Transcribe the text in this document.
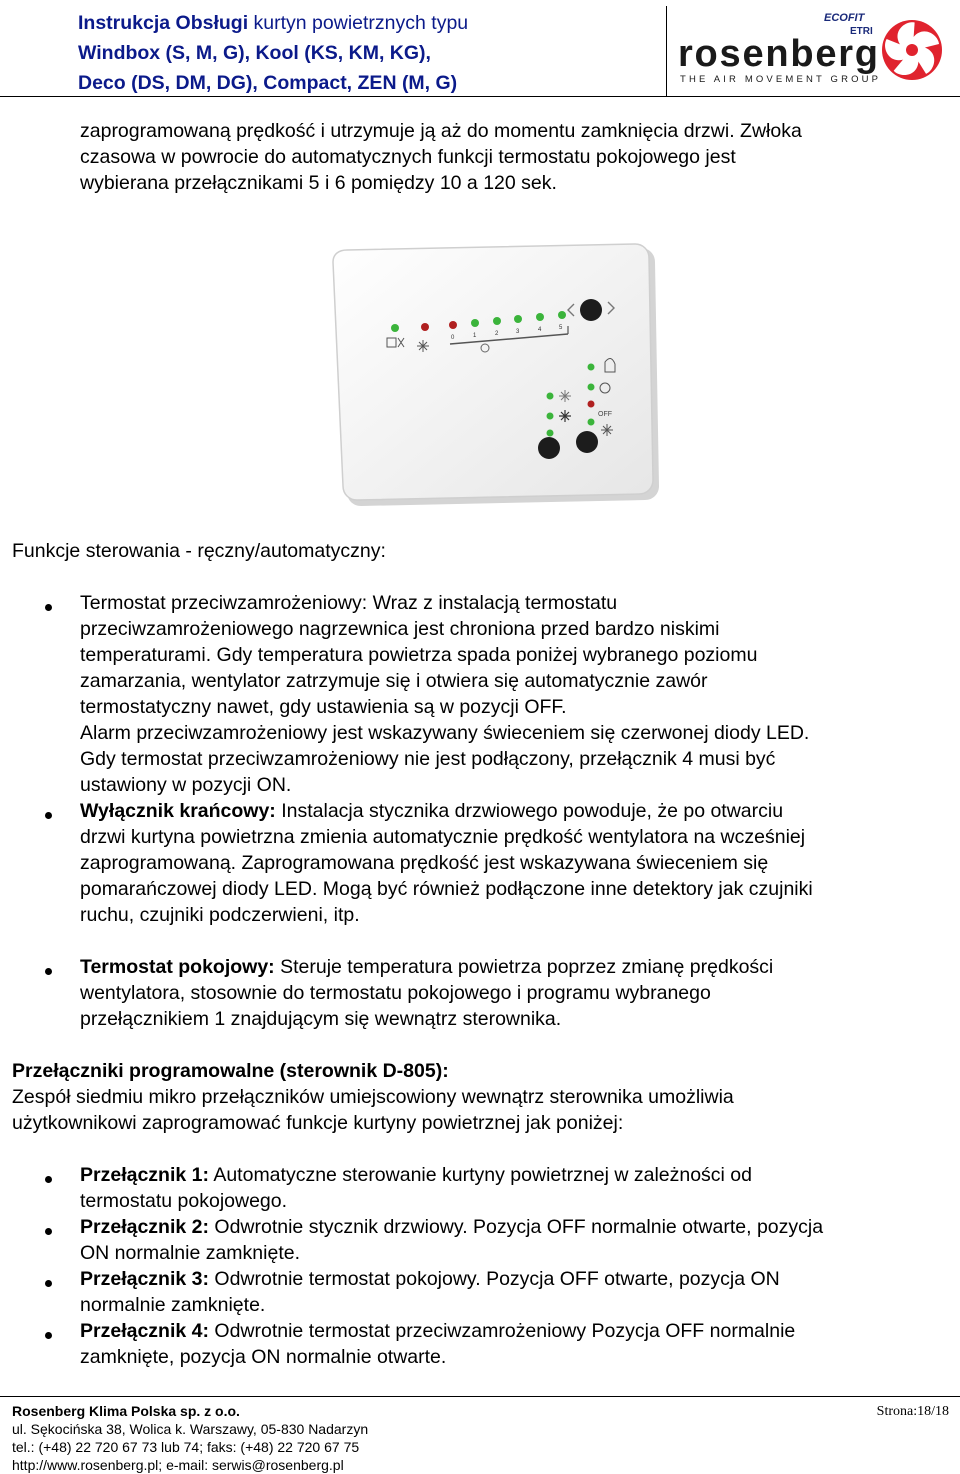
Instrukcja Obsługi kurtyn powietrznych typu
Windbox (S, M, G), Kool (KS, KM, KG),
Deco (DS, DM, DG), Compact, ZEN (M, G)
ECOFIT
ETRI
rosenberg
THE AIR MOVEMENT GROUP
zaprogramowaną prędkość i utrzymuje ją aż do momentu zamknięcia drzwi. Zwłoka
czasowa w powrocie do automatycznych funkcji termostatu pokojowego jest
wybierana przełącznikami 5 i 6 pomiędzy 10 a 120 sek.
0	1	2	3	4	5
OFF
Funkcje sterowania - ręczny/automatyczny:
Termostat przeciwzamrożeniowy: Wraz z instalacją termostatu
przeciwzamrożeniowego nagrzewnica jest chroniona przed bardzo niskimi
temperaturami. Gdy temperatura powietrza spada poniżej wybranego poziomu
zamarzania, wentylator zatrzymuje się i otwiera się automatycznie zawór
termostatyczny nawet, gdy ustawienia są w pozycji OFF.
Alarm przeciwzamrożeniowy jest wskazywany świeceniem się czerwonej diody LED.
Gdy termostat przeciwzamrożeniowy nie jest podłączony, przełącznik 4 musi być
ustawiony w pozycji ON.
Wyłącznik krańcowy: Instalacja stycznika drzwiowego powoduje, że po otwarciu
drzwi kurtyna powietrzna zmienia automatycznie prędkość wentylatora na wcześniej
zaprogramowaną. Zaprogramowana prędkość jest wskazywana świeceniem się
pomarańczowej diody LED. Mogą być również podłączone inne detektory jak czujniki
ruchu, czujniki podczerwieni, itp.
Termostat pokojowy: Steruje temperatura powietrza poprzez zmianę prędkości
wentylatora, stosownie do termostatu pokojowego i programu wybranego
przełącznikiem 1 znajdującym się wewnątrz sterownika.
Przełączniki programowalne (sterownik D-805):
Zespół siedmiu mikro przełączników umiejscowiony wewnątrz sterownika umożliwia
użytkownikowi zaprogramować funkcje kurtyny powietrznej jak poniżej:
Przełącznik 1: Automatyczne sterowanie kurtyny powietrznej w zależności od
termostatu pokojowego.
Przełącznik 2: Odwrotnie stycznik drzwiowy. Pozycja OFF normalnie otwarte, pozycja
ON normalnie zamknięte.
Przełącznik 3: Odwrotnie termostat pokojowy. Pozycja OFF otwarte, pozycja ON
normalnie zamknięte.
Przełącznik 4: Odwrotnie termostat przeciwzamrożeniowy Pozycja OFF normalnie
zamknięte, pozycja ON normalnie otwarte.
Rosenberg Klima Polska sp. z o.o.
ul. Sękocińska 38, Wolica k. Warszawy, 05-830 Nadarzyn
tel.: (+48) 22 720 67 73 lub 74; faks: (+48) 22 720 67 75
http://www.rosenberg.pl; e-mail: serwis@rosenberg.pl
Strona:18/18
